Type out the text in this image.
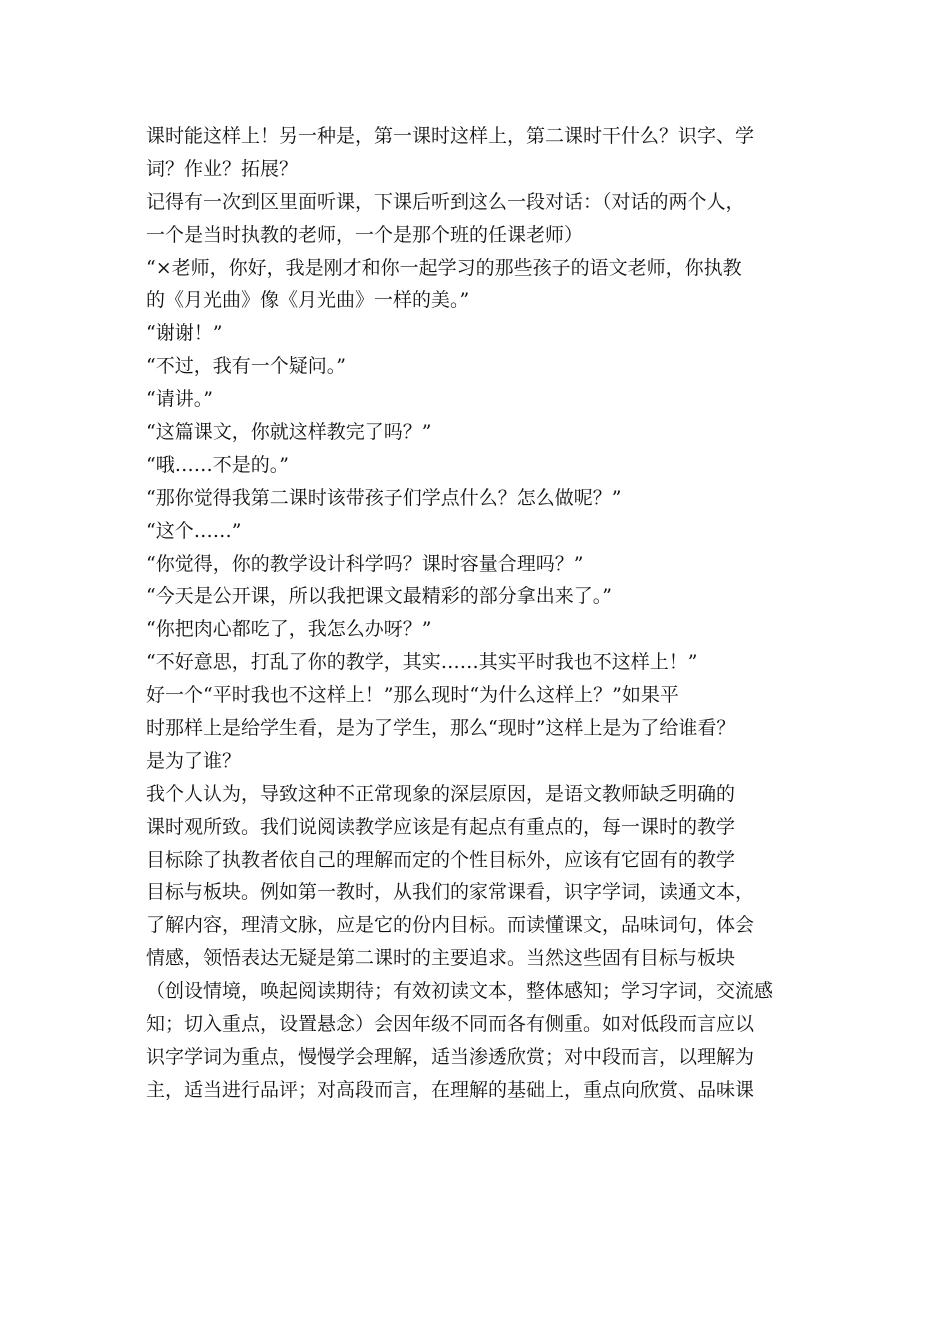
课时能这样上！另一种是，第一课时这样上，第二课时干什么？识字、学
词？作业？拓展？
记得有一次到区里面听课，下课后听到这么一段对话：（对话的两个人，
一个是当时执教的老师，一个是那个班的任课老师）
“×老师，你好，我是刚才和你一起学习的那些孩子的语文老师，你执教
的《月光曲》像《月光曲》一样的美。”
“谢谢！”
“不过，我有一个疑问。”
“请讲。”
“这篇课文，你就这样教完了吗？”
“哦……不是的。”
“那你觉得我第二课时该带孩子们学点什么？怎么做呢？”
“这个……”
“你觉得，你的教学设计科学吗？课时容量合理吗？”
“今天是公开课，所以我把课文最精彩的部分拿出来了。”
“你把肉心都吃了，我怎么办呀？”
“不好意思，打乱了你的教学，其实……其实平时我也不这样上！”
好一个“平时我也不这样上！”那么现时“为什么这样上？”如果平
时那样上是给学生看，是为了学生，那么“现时”这样上是为了给谁看？
是为了谁？
我个人认为，导致这种不正常现象的深层原因，是语文教师缺乏明确的
课时观所致。我们说阅读教学应该是有起点有重点的，每一课时的教学
目标除了执教者依自己的理解而定的个性目标外，应该有它固有的教学
目标与板块。例如第一教时，从我们的家常课看，识字学词，读通文本，
了解内容，理清文脉，应是它的份内目标。而读懂课文，品味词句，体会
情感，领悟表达无疑是第二课时的主要追求。当然这些固有目标与板块
（创设情境，唤起阅读期待；有效初读文本，整体感知；学习字词，交流感
知；切入重点，设置悬念）会因年级不同而各有侧重。如对低段而言应以
识字学词为重点，慢慢学会理解，适当渗透欣赏；对中段而言，以理解为
主，适当进行品评；对高段而言，在理解的基础上，重点向欣赏、品味课
